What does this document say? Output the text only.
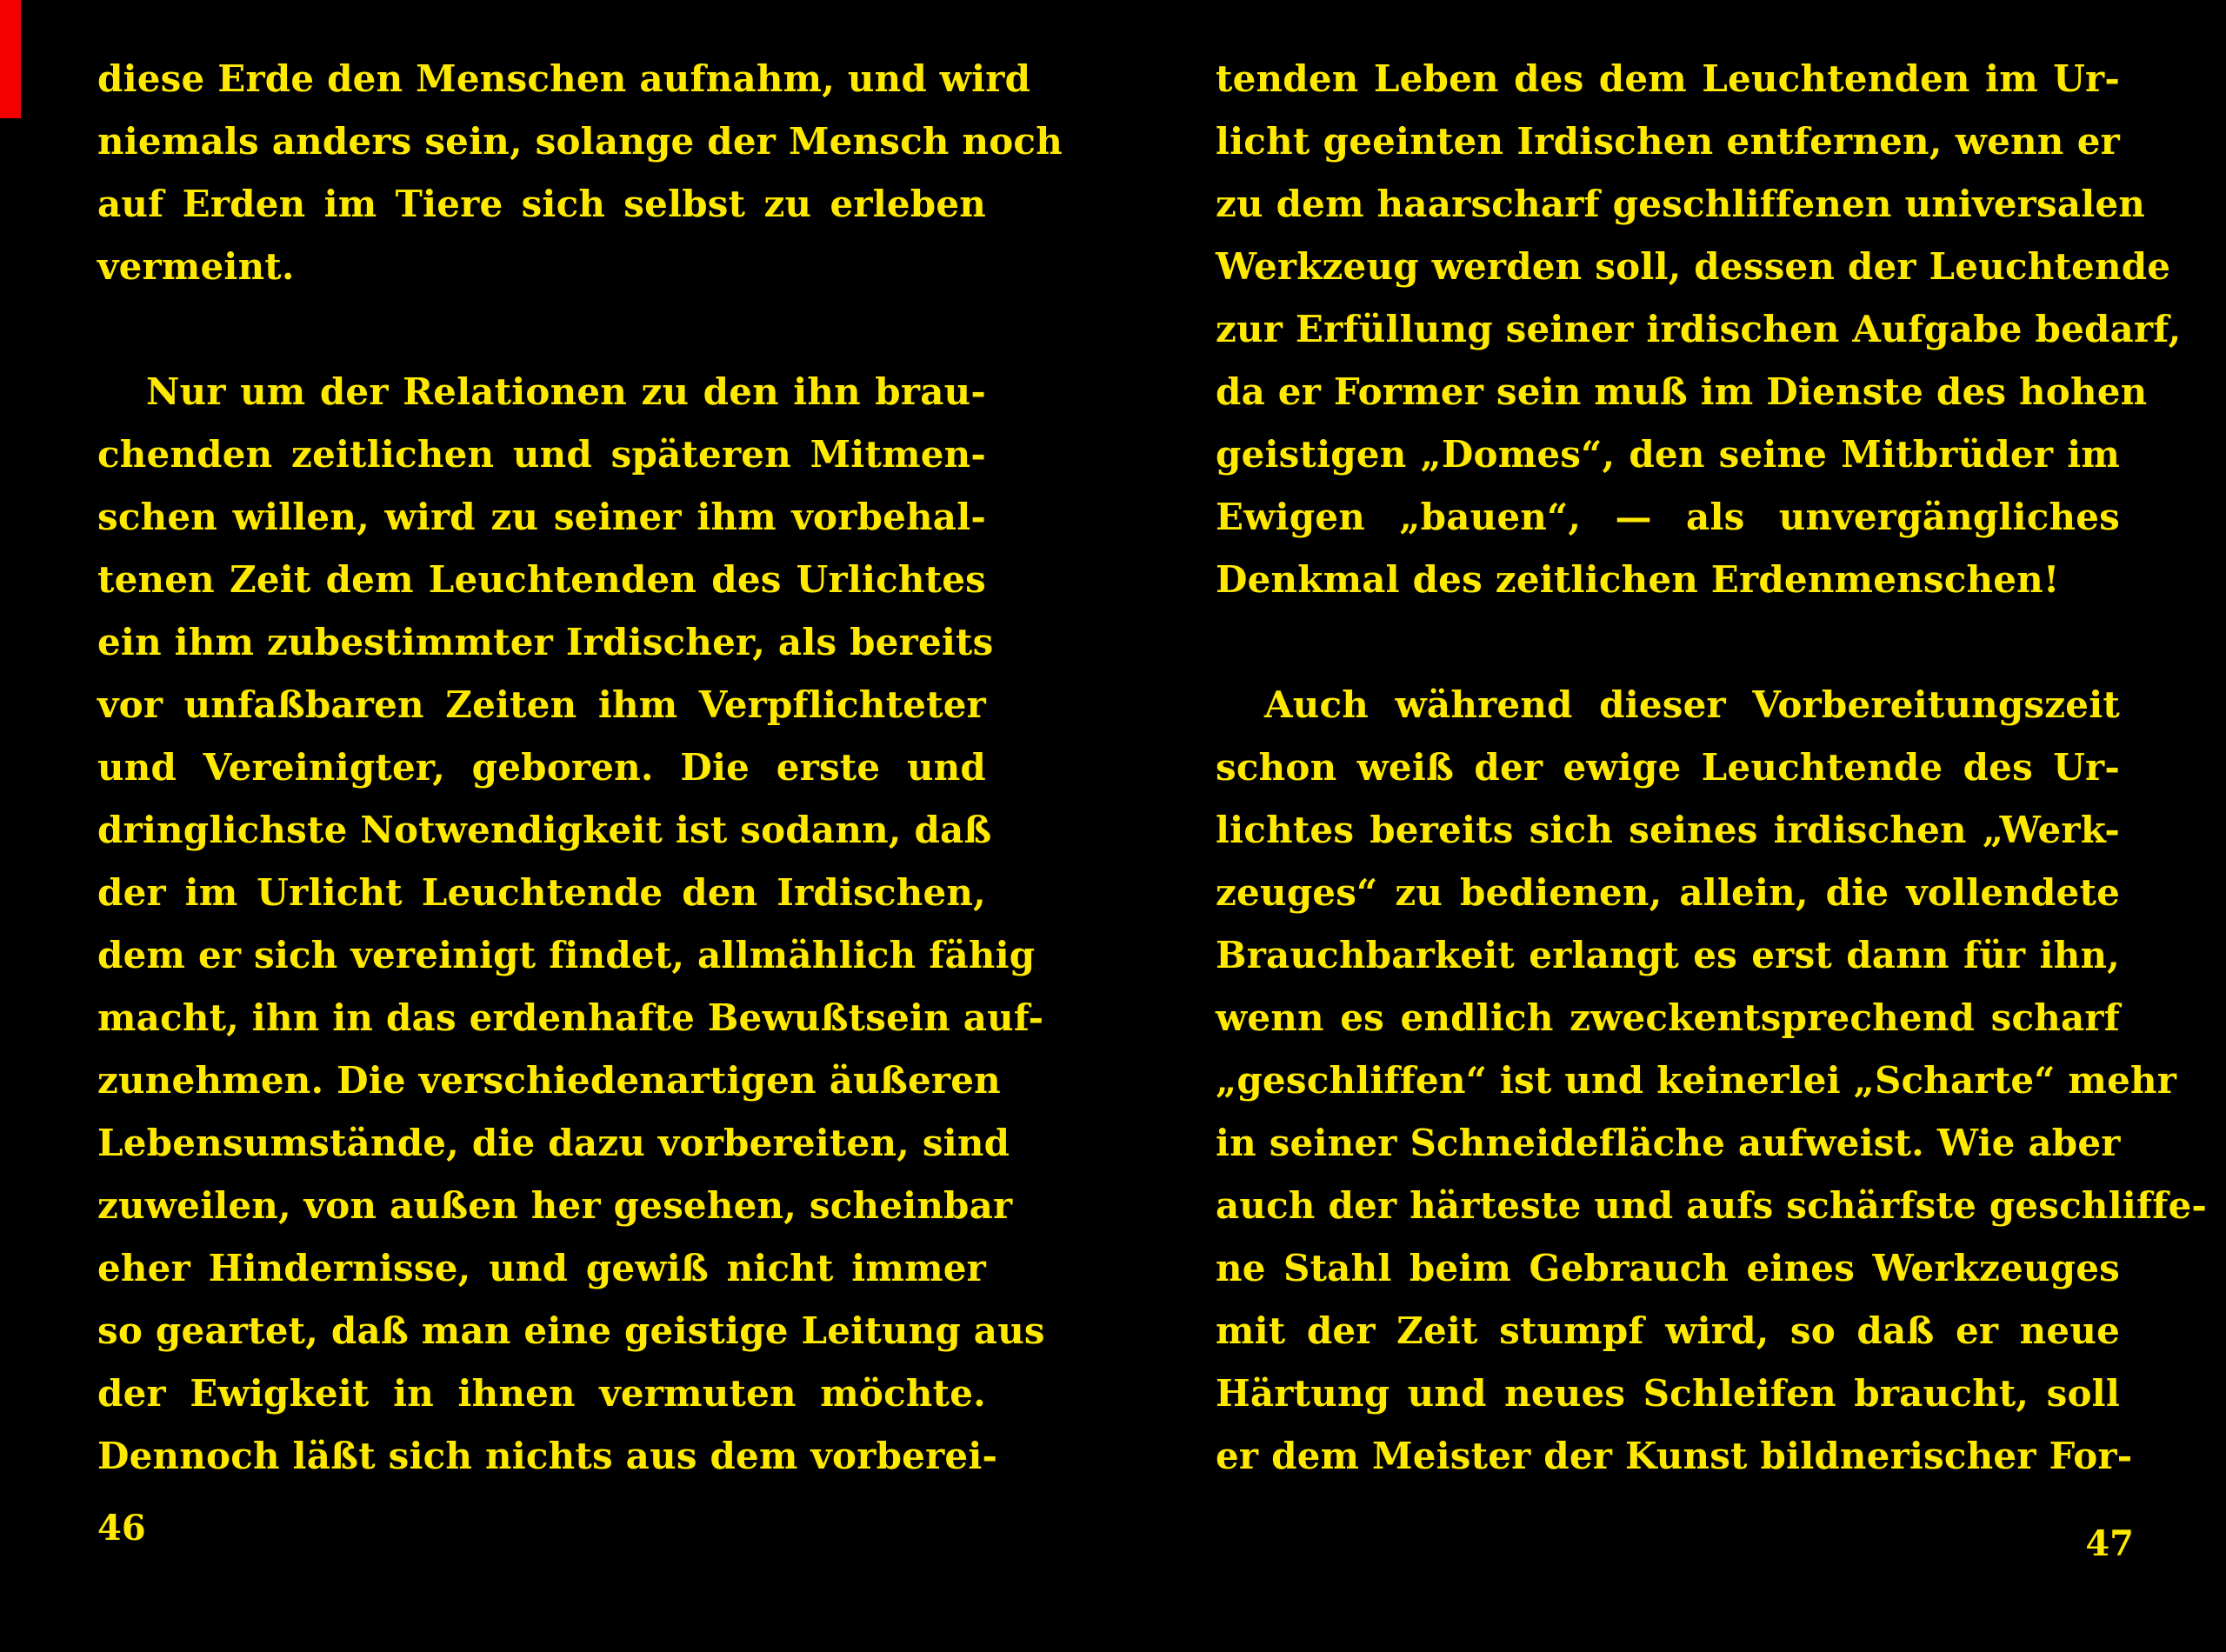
diese Erde den Menschen aufnahm, und wird
niemals anders sein, solange der Mensch noch
auf Erden im Tiere sich selbst zu erleben
vermeint.
Nur um der Relationen zu den ihn brau-
chenden zeitlichen und späteren Mitmen-
schen willen, wird zu seiner ihm vorbehal-
tenen Zeit dem Leuchtenden des Urlichtes
ein ihm zubestimmter Irdischer, als bereits
vor unfaßbaren Zeiten ihm Verpflichteter
und Vereinigter, geboren. Die erste und
dringlichste Notwendigkeit ist sodann, daß
der im Urlicht Leuchtende den Irdischen,
dem er sich vereinigt findet, allmählich fähig
macht, ihn in das erdenhafte Bewußtsein auf-
zunehmen. Die verschiedenartigen äußeren
Lebensumstände, die dazu vorbereiten, sind
zuweilen, von außen her gesehen, scheinbar
eher Hindernisse, und gewiß nicht immer
so geartet, daß man eine geistige Leitung aus
der Ewigkeit in ihnen vermuten möchte.
Dennoch läßt sich nichts aus dem vorberei-
tenden Leben des dem Leuchtenden im Ur-
licht geeinten Irdischen entfernen, wenn er
zu dem haarscharf geschliffenen universalen
Werkzeug werden soll, dessen der Leuchtende
zur Erfüllung seiner irdischen Aufgabe bedarf,
da er Former sein muß im Dienste des hohen
geistigen „Domes“, den seine Mitbrüder im
Ewigen „bauen“, — als unvergängliches
Denkmal des zeitlichen Erdenmenschen!
Auch während dieser Vorbereitungszeit
schon weiß der ewige Leuchtende des Ur-
lichtes bereits sich seines irdischen „Werk-
zeuges“ zu bedienen, allein, die vollendete
Brauchbarkeit erlangt es erst dann für ihn,
wenn es endlich zweckentsprechend scharf
„geschliffen“ ist und keinerlei „Scharte“ mehr
in seiner Schneidefläche aufweist. Wie aber
auch der härteste und aufs schärfste geschliffe-
ne Stahl beim Gebrauch eines Werkzeuges
mit der Zeit stumpf wird, so daß er neue
Härtung und neues Schleifen braucht, soll
er dem Meister der Kunst bildnerischer For-
46	47
